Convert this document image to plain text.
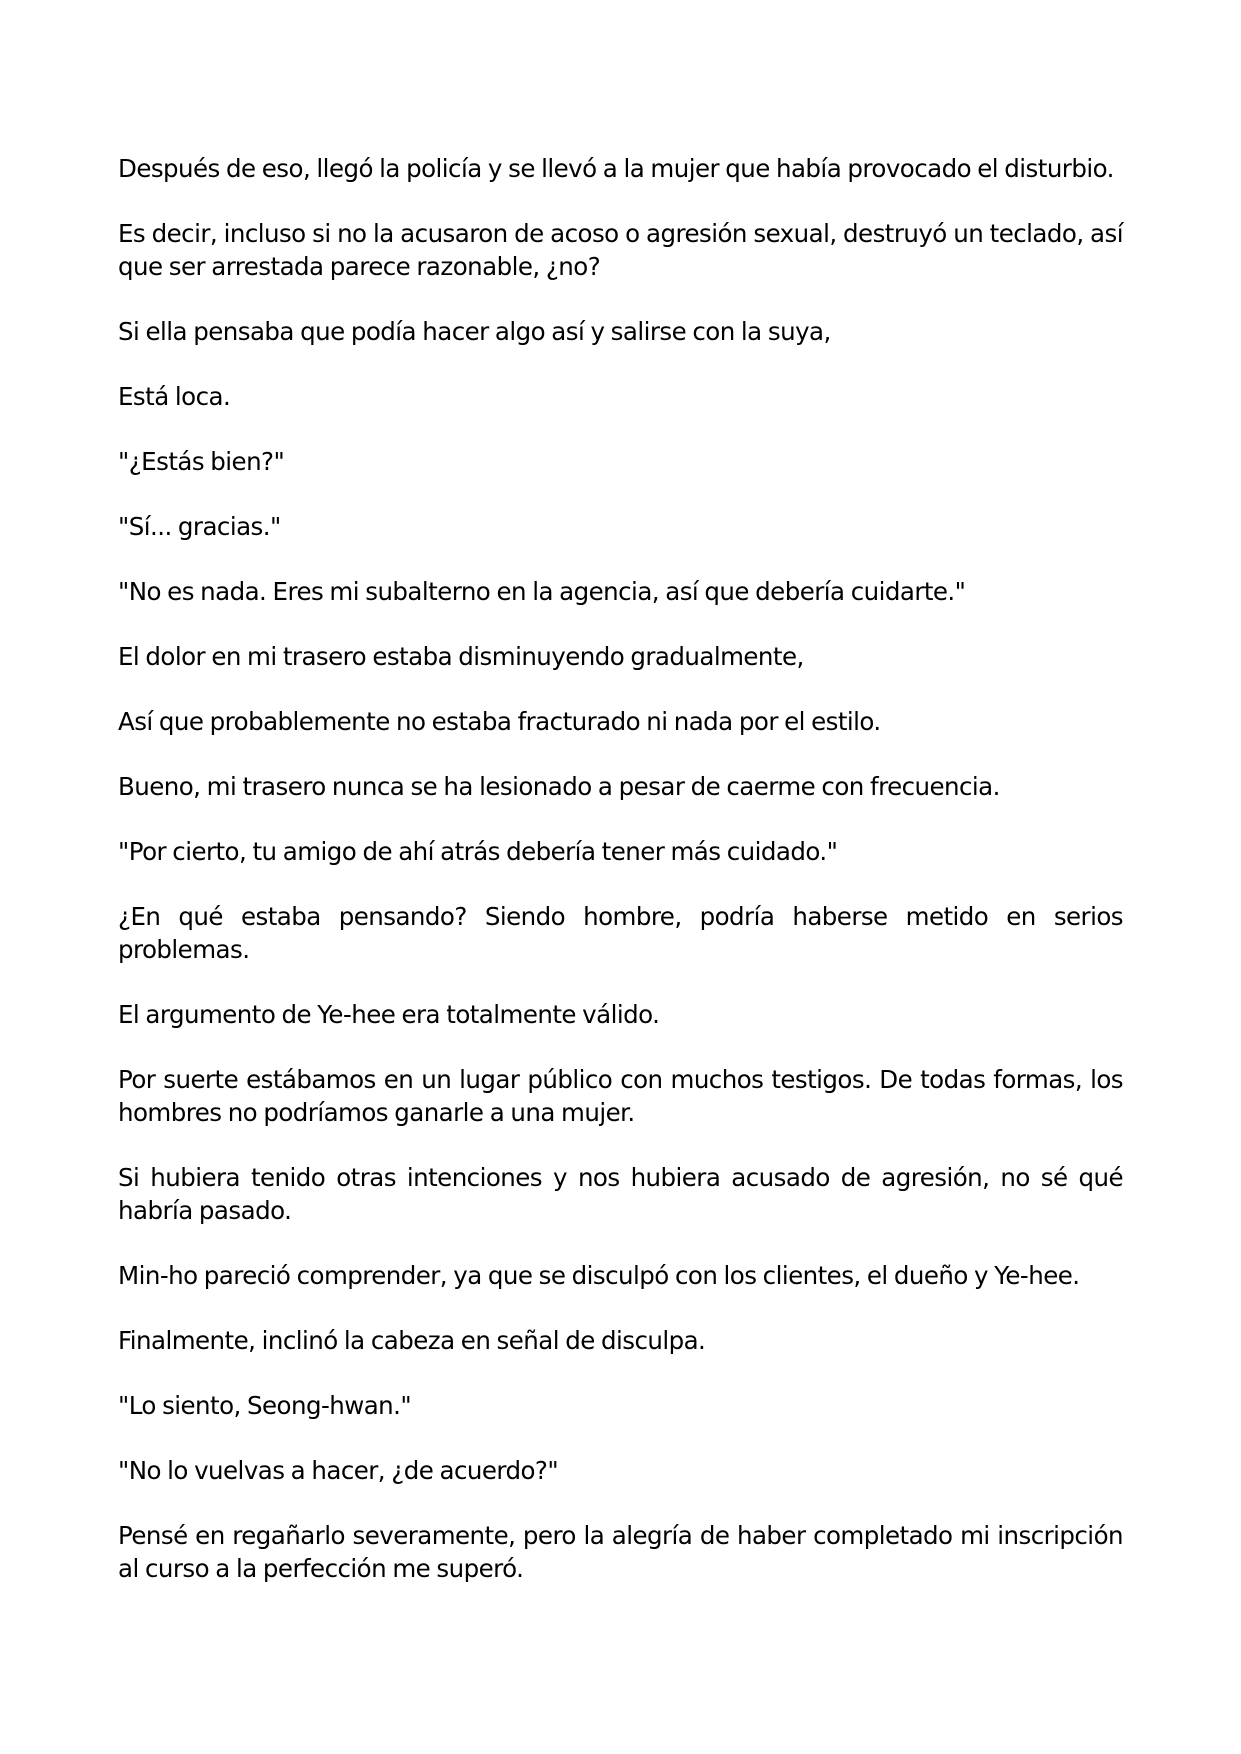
Después de eso, llegó la policía y se llevó a la mujer que había provocado el disturbio.

Es decir, incluso si no la acusaron de acoso o agresión sexual, destruyó un teclado, así que ser arrestada parece razonable, ¿no?

Si ella pensaba que podía hacer algo así y salirse con la suya,

Está loca.

"¿Estás bien?"

"Sí... gracias."

"No es nada. Eres mi subalterno en la agencia, así que debería cuidarte."

El dolor en mi trasero estaba disminuyendo gradualmente,

Así que probablemente no estaba fracturado ni nada por el estilo.

Bueno, mi trasero nunca se ha lesionado a pesar de caerme con frecuencia.

"Por cierto, tu amigo de ahí atrás debería tener más cuidado."

¿En qué estaba pensando? Siendo hombre, podría haberse metido en serios problemas.

El argumento de Ye-hee era totalmente válido.

Por suerte estábamos en un lugar público con muchos testigos. De todas formas, los hombres no podríamos ganarle a una mujer.

Si hubiera tenido otras intenciones y nos hubiera acusado de agresión, no sé qué habría pasado.

Min-ho pareció comprender, ya que se disculpó con los clientes, el dueño y Ye-hee.

Finalmente, inclinó la cabeza en señal de disculpa.

"Lo siento, Seong-hwan."

"No lo vuelvas a hacer, ¿de acuerdo?"

Pensé en regañarlo severamente, pero la alegría de haber completado mi inscripción al curso a la perfección me superó.
